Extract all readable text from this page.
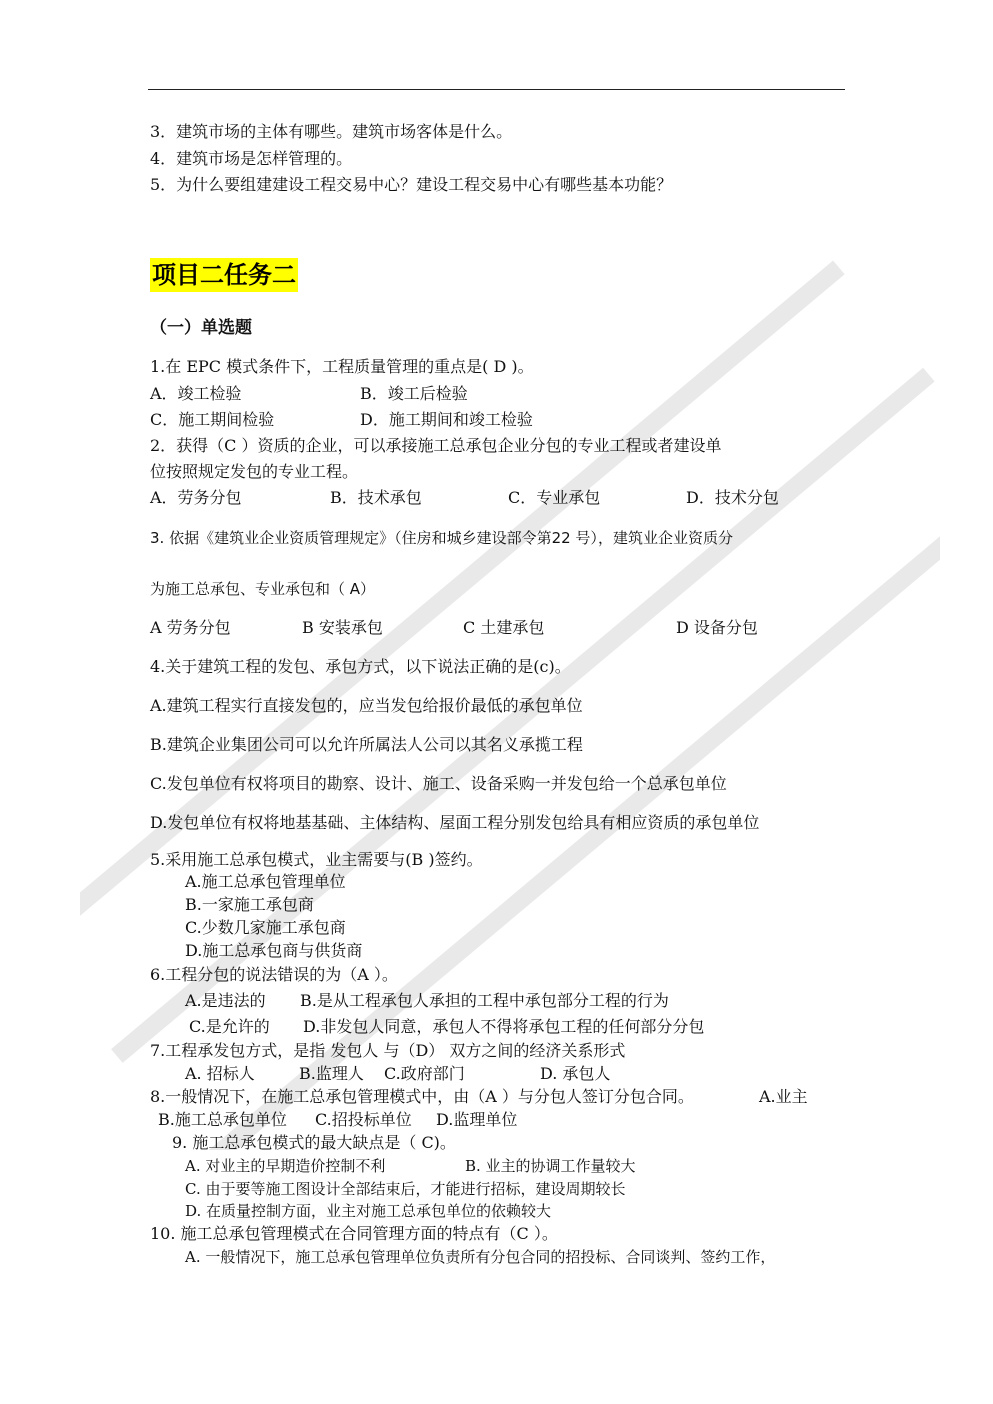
3．建筑市场的主体有哪些。建筑市场客体是什么。
4．建筑市场是怎样管理的。
5．为什么要组建建设工程交易中心？建设工程交易中心有哪些基本功能？
项目二任务二
（一）单选题
1.在 EPC 模式条件下，工程质量管理的重点是( D )。
A．竣工检验	B．竣工后检验
C．施工期间检验	D．施工期间和竣工检验
2．获得（C ）资质的企业，可以承接施工总承包企业分包的专业工程或者建设单
位按照规定发包的专业工程。
A．劳务分包	B．技术承包	C．专业承包	D．技术分包
3. 依据《建筑业企业资质管理规定》（住房和城乡建设部令第22 号），建筑业企业资质分
为施工总承包、专业承包和（ A）
A 劳务分包	B 安装承包	C 土建承包	D 设备分包
4.关于建筑工程的发包、承包方式，以下说法正确的是(c)。
A.建筑工程实行直接发包的，应当发包给报价最低的承包单位
B.建筑企业集团公司可以允许所属法人公司以其名义承揽工程
C.发包单位有权将项目的勘察、设计、施工、设备采购一并发包给一个总承包单位
D.发包单位有权将地基基础、主体结构、屋面工程分别发包给具有相应资质的承包单位
5.采用施工总承包模式，业主需要与(B )签约。
A.施工总承包管理单位
B.一家施工承包商
C.少数几家施工承包商
D.施工总承包商与供货商
6.工程分包的说法错误的为（A ）。
A.是违法的 B.是从工程承包人承担的工程中承包部分工程的行为
C.是允许的 D.非发包人同意，承包人不得将承包工程的任何部分分包
7.工程承发包方式，是指 发包人 与（D） 双方之间的经济关系形式
A. 招标人	B.监理人 C.政府部门	D. 承包人
8.一般情况下，在施工总承包管理模式中，由（A ）与分包人签订分包合同。	A.业主
B.施工总承包单位 C.招投标单位 D.监理单位
9. 施工总承包模式的最大缺点是（ C)。
A. 对业主的早期造价控制不利	B. 业主的协调工作量较大
C. 由于要等施工图设计全部结束后，才能进行招标，建设周期较长
D. 在质量控制方面，业主对施工总承包单位的依赖较大
10. 施工总承包管理模式在合同管理方面的特点有（C ）。
A. 一般情况下，施工总承包管理单位负责所有分包合同的招投标、合同谈判、签约工作，
